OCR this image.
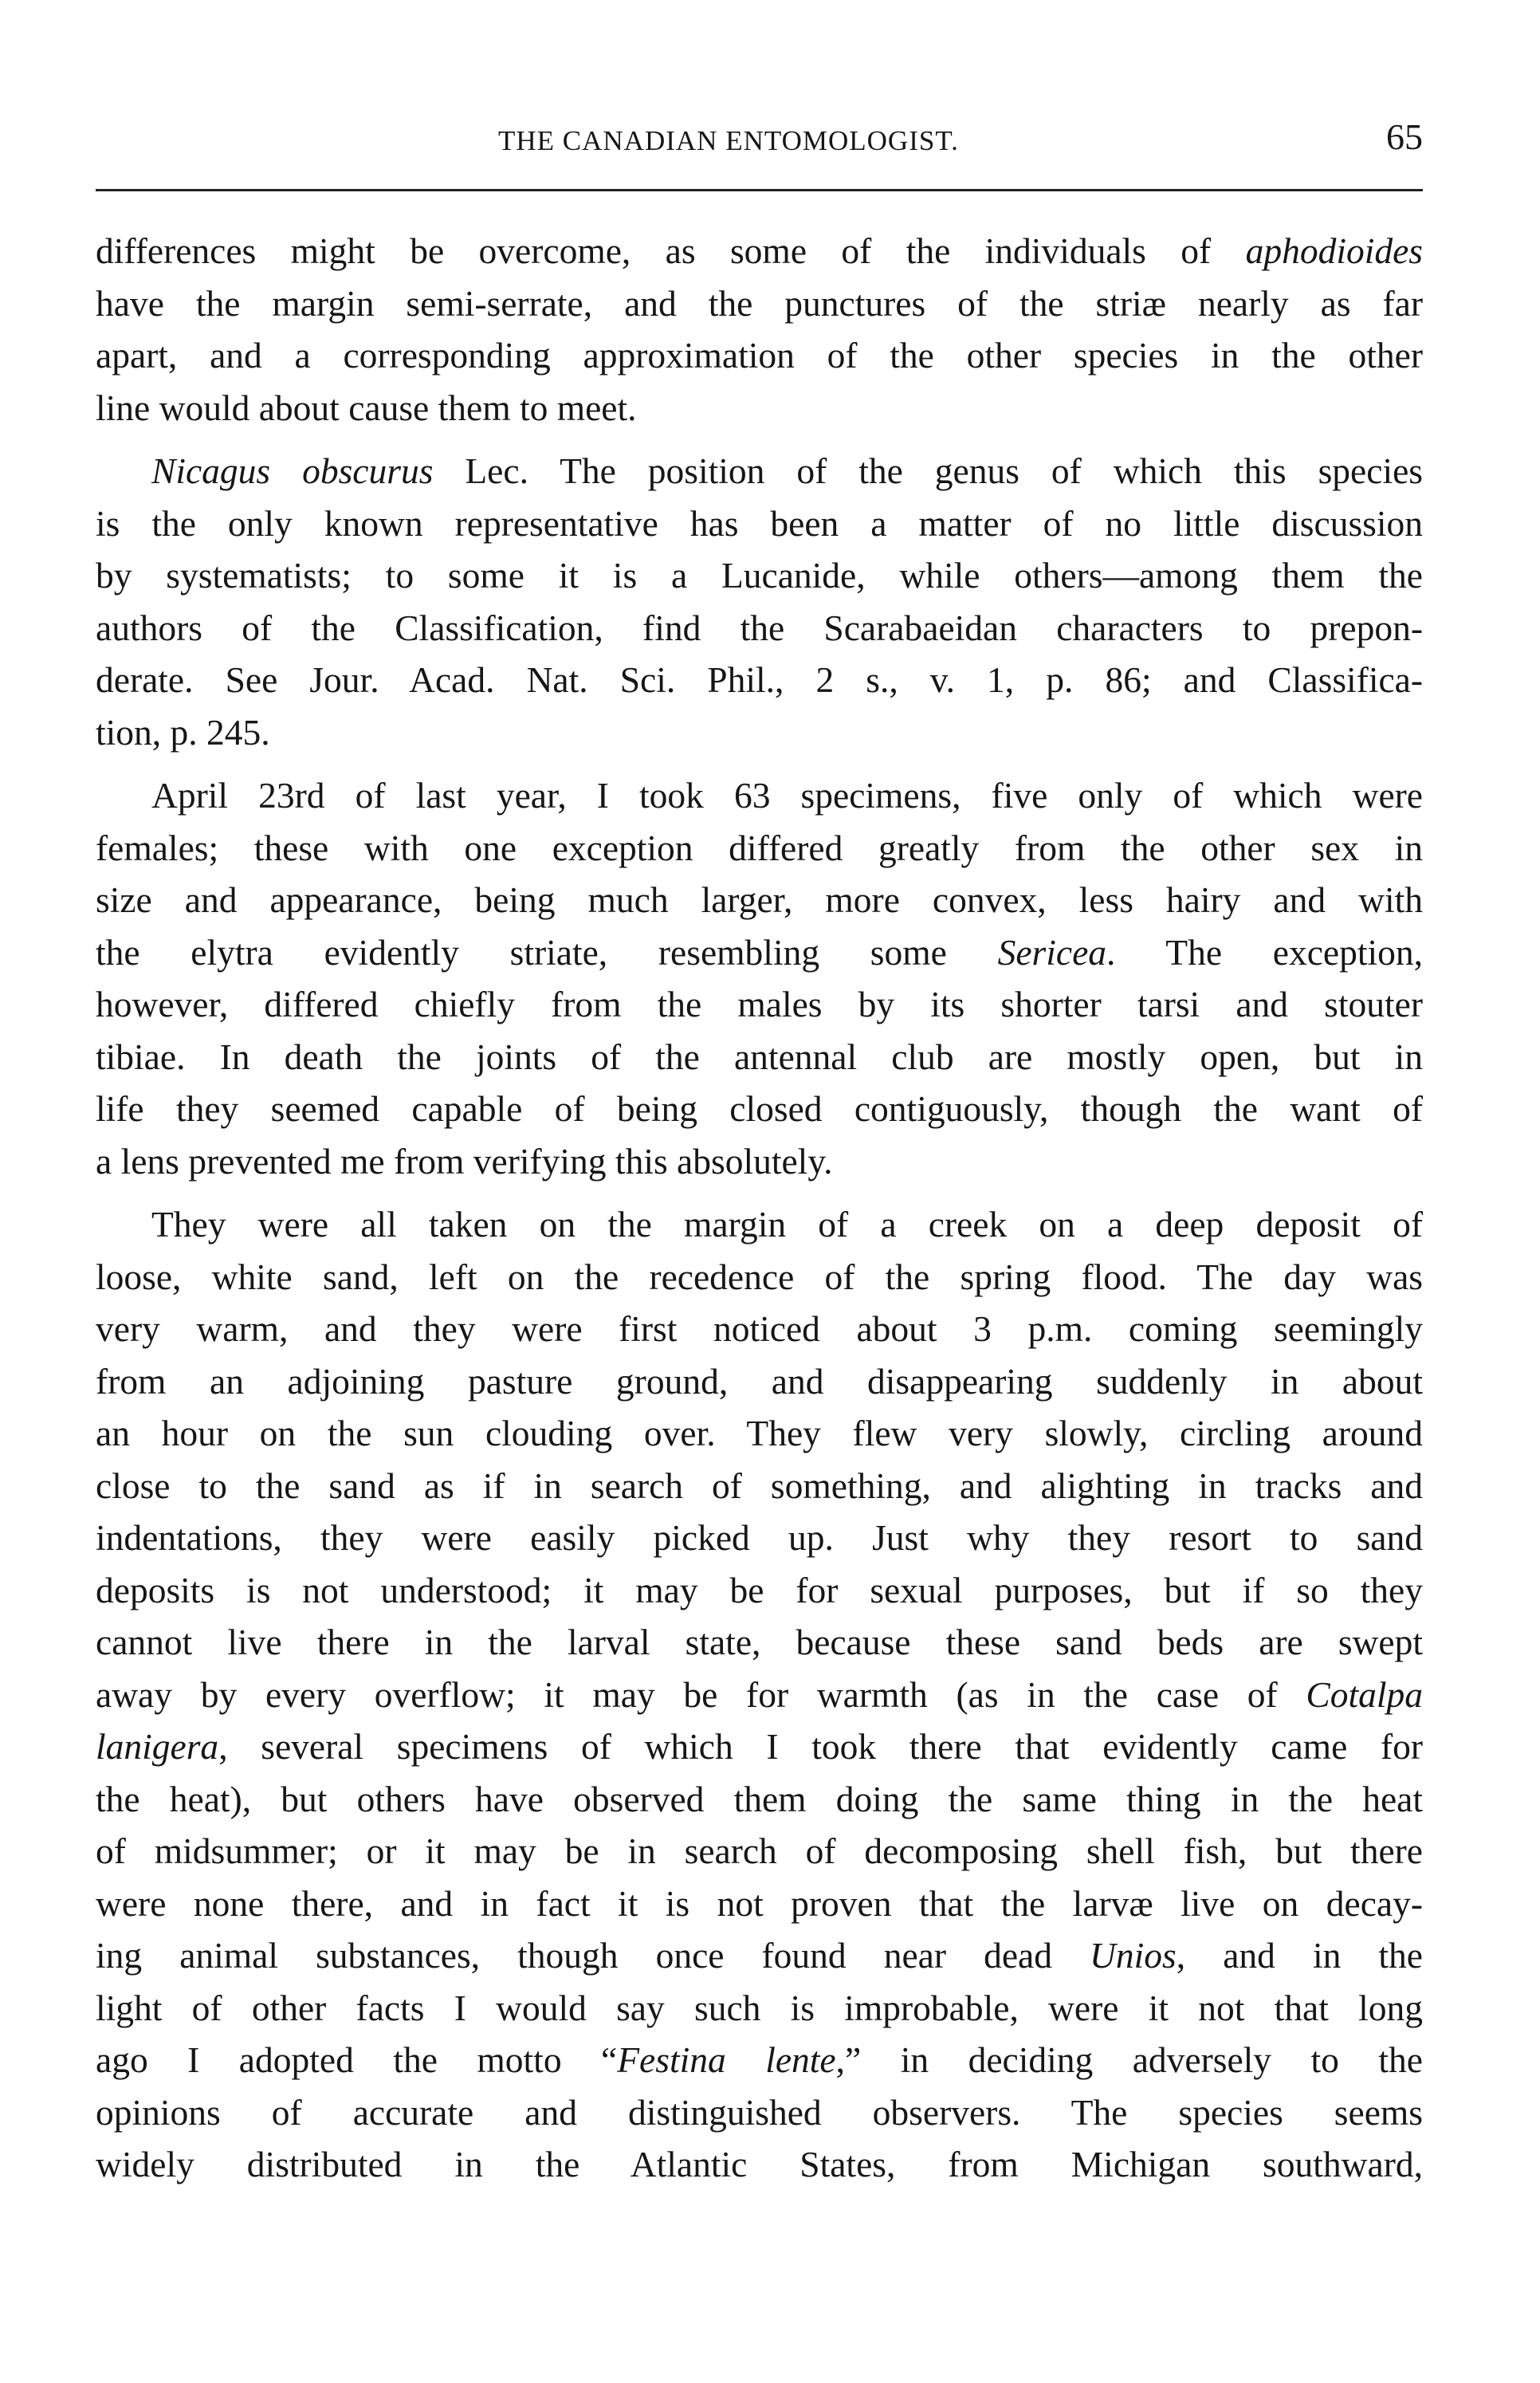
THE CANADIAN ENTOMOLOGIST.	65
differences might be overcome, as some of the individuals of aphodioides
have the margin semi-serrate, and the punctures of the striæ nearly as far
apart, and a corresponding approximation of the other species in the other
line would about cause them to meet.
Nicagus obscurus Lec. The position of the genus of which this species
is the only known representative has been a matter of no little discussion
by systematists; to some it is a Lucanide, while others—among them the
authors of the Classification, find the Scarabaeidan characters to prepon-
derate. See Jour. Acad. Nat. Sci. Phil., 2 s., v. 1, p. 86; and Classifica-
tion, p. 245.
April 23rd of last year, I took 63 specimens, five only of which were
females; these with one exception differed greatly from the other sex in
size and appearance, being much larger, more convex, less hairy and with
the elytra evidently striate, resembling some Sericea. The exception,
however, differed chiefly from the males by its shorter tarsi and stouter
tibiae. In death the joints of the antennal club are mostly open, but in
life they seemed capable of being closed contiguously, though the want of
a lens prevented me from verifying this absolutely.
They were all taken on the margin of a creek on a deep deposit of
loose, white sand, left on the recedence of the spring flood. The day was
very warm, and they were first noticed about 3 p.m. coming seemingly
from an adjoining pasture ground, and disappearing suddenly in about
an hour on the sun clouding over. They flew very slowly, circling around
close to the sand as if in search of something, and alighting in tracks and
indentations, they were easily picked up. Just why they resort to sand
deposits is not understood; it may be for sexual purposes, but if so they
cannot live there in the larval state, because these sand beds are swept
away by every overflow; it may be for warmth (as in the case of Cotalpa
lanigera, several specimens of which I took there that evidently came for
the heat), but others have observed them doing the same thing in the heat
of midsummer; or it may be in search of decomposing shell fish, but there
were none there, and in fact it is not proven that the larvæ live on decay-
ing animal substances, though once found near dead Unios, and in the
light of other facts I would say such is improbable, were it not that long
ago I adopted the motto “Festina lente,” in deciding adversely to the
opinions of accurate and distinguished observers. The species seems
widely distributed in the Atlantic States, from Michigan southward,
